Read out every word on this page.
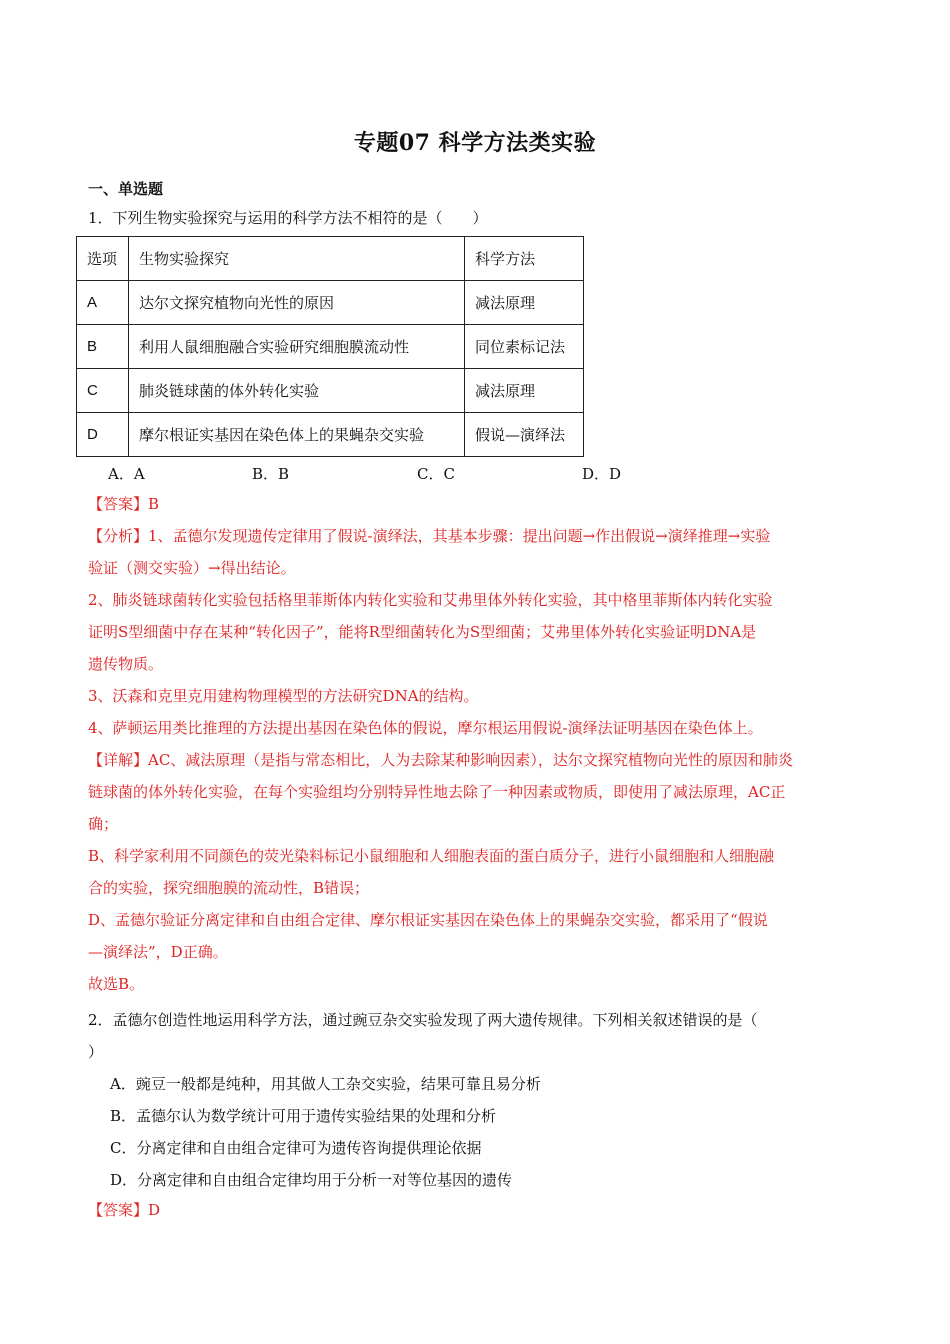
专题07 科学方法类实验
一、单选题
1．下列生物实验探究与运用的科学方法不相符的是（　　）
选项	生物实验探究	科学方法
A	达尔文探究植物向光性的原因	减法原理
B	利用人鼠细胞融合实验研究细胞膜流动性	同位素标记法
C	肺炎链球菌的体外转化实验	减法原理
D	摩尔根证实基因在染色体上的果蝇杂交实验	假说—演绎法
A．A	B．B	C．C	D．D

【答案】B

【分析】1、孟德尔发现遗传定律用了假说-演绎法，其基本步骤：提出问题→作出假说→演绎推理→实验

验证（测交实验）→得出结论。

2、肺炎链球菌转化实验包括格里菲斯体内转化实验和艾弗里体外转化实验，其中格里菲斯体内转化实验

证明S型细菌中存在某种“转化因子”，能将R型细菌转化为S型细菌；艾弗里体外转化实验证明DNA是

遗传物质。

3、沃森和克里克用建构物理模型的方法研究DNA的结构。

4、萨顿运用类比推理的方法提出基因在染色体的假说，摩尔根运用假说-演绎法证明基因在染色体上。

【详解】AC、减法原理（是指与常态相比，人为去除某种影响因素），达尔文探究植物向光性的原因和肺炎

链球菌的体外转化实验，在每个实验组均分别特异性地去除了一种因素或物质，即使用了减法原理，AC正

确；

B、科学家利用不同颜色的荧光染料标记小鼠细胞和人细胞表面的蛋白质分子，进行小鼠细胞和人细胞融

合的实验，探究细胞膜的流动性，B错误；

D、孟德尔验证分离定律和自由组合定律、摩尔根证实基因在染色体上的果蝇杂交实验，都采用了“假说

—演绎法”，D正确。

故选B。

2．孟德尔创造性地运用科学方法，通过豌豆杂交实验发现了两大遗传规律。下列相关叙述错误的是（
）
A．豌豆一般都是纯种，用其做人工杂交实验，结果可靠且易分析
B．孟德尔认为数学统计可用于遗传实验结果的处理和分析
C．分离定律和自由组合定律可为遗传咨询提供理论依据
D．分离定律和自由组合定律均用于分析一对等位基因的遗传
【答案】D
